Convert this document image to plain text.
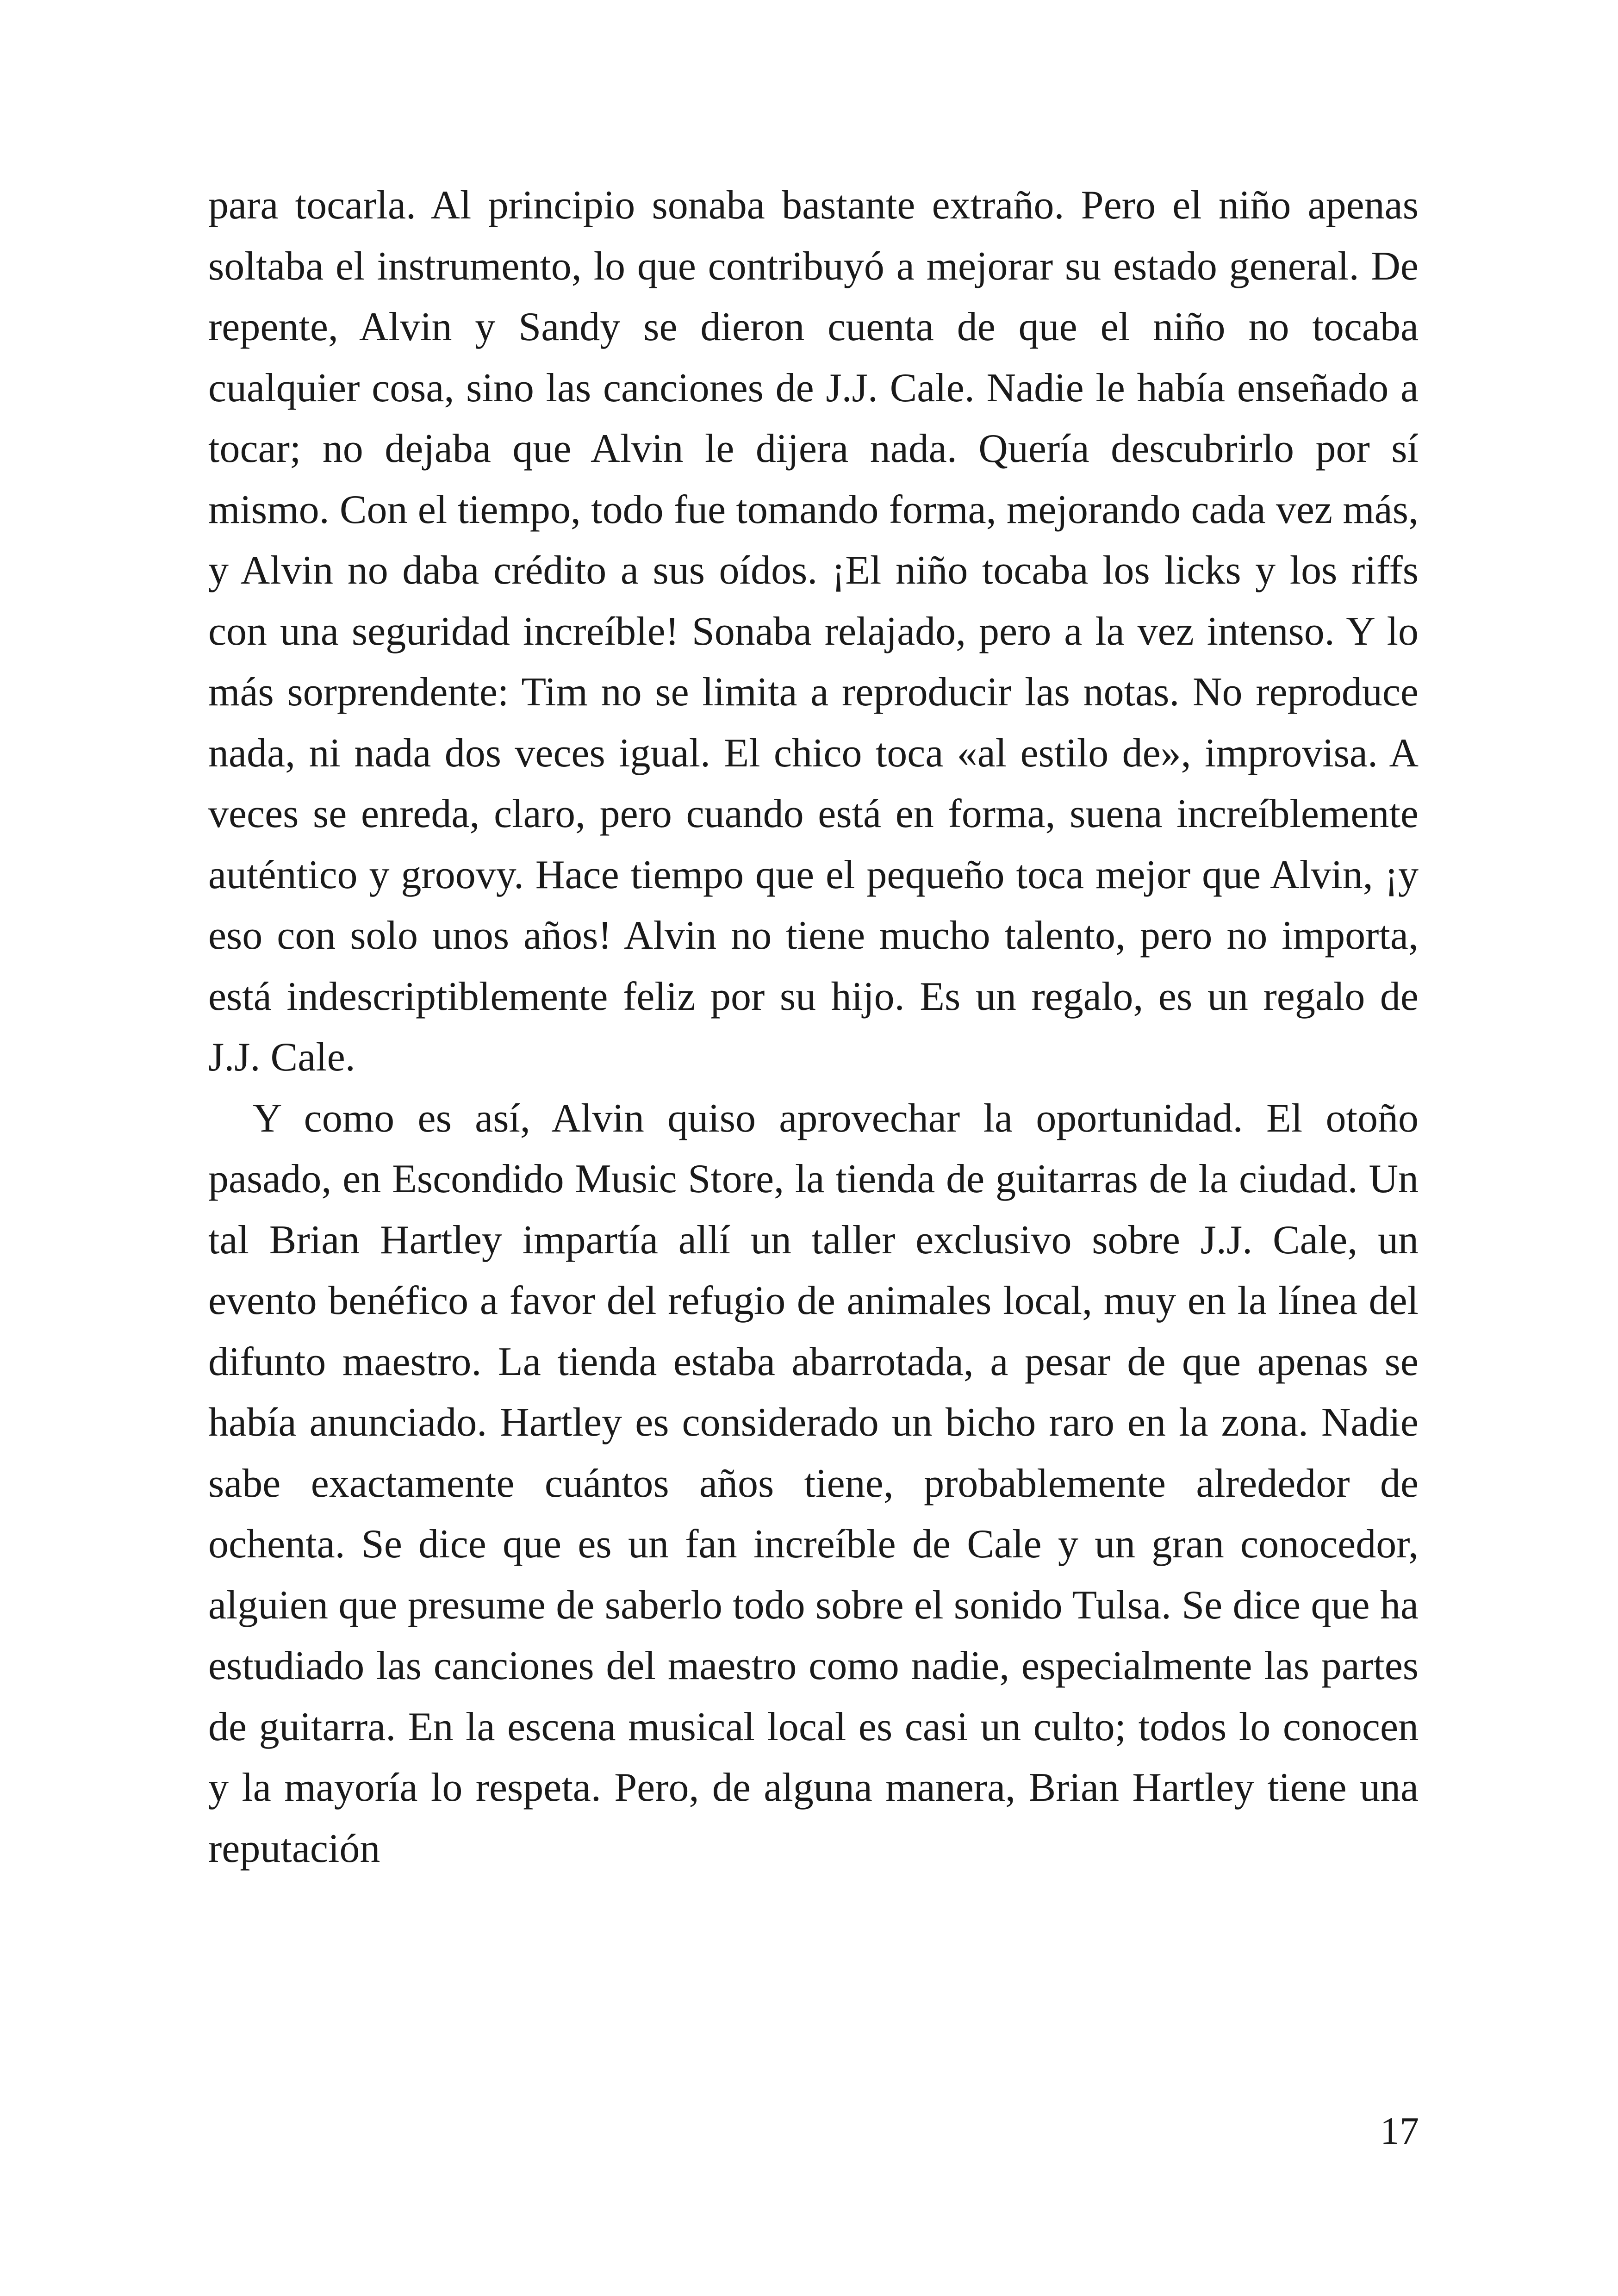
para tocarla. Al principio sonaba bastante extraño. Pero el niño apenas soltaba el instrumento, lo que contribuyó a mejorar su estado general. De repente, Alvin y Sandy se dieron cuenta de que el niño no tocaba cualquier cosa, sino las canciones de J.J. Cale. Nadie le había enseñado a tocar; no dejaba que Alvin le dijera nada. Quería descubrirlo por sí mismo. Con el tiempo, todo fue tomando forma, mejorando cada vez más, y Alvin no daba crédito a sus oídos. ¡El niño tocaba los licks y los riffs con una seguridad increíble! Sonaba relajado, pero a la vez intenso. Y lo más sorprendente: Tim no se limita a reproducir las notas. No reproduce nada, ni nada dos veces igual. El chico toca «al estilo de», improvisa. A veces se enreda, claro, pero cuando está en forma, suena increíblemente auténtico y groovy. Hace tiempo que el pequeño toca mejor que Alvin, ¡y eso con solo unos años! Alvin no tiene mucho talento, pero no importa, está indescriptiblemente feliz por su hijo. Es un regalo, es un regalo de J.J. Cale.

Y como es así, Alvin quiso aprovechar la oportunidad. El otoño pasado, en Escondido Music Store, la tienda de guitarras de la ciudad. Un tal Brian Hartley impartía allí un taller exclusivo sobre J.J. Cale, un evento benéfico a favor del refugio de animales local, muy en la línea del difunto maestro. La tienda estaba abarrotada, a pesar de que apenas se había anunciado. Hartley es considerado un bicho raro en la zona. Nadie sabe exactamente cuántos años tiene, probablemente alrededor de ochenta. Se dice que es un fan increíble de Cale y un gran conocedor, alguien que presume de saberlo todo sobre el sonido Tulsa. Se dice que ha estudiado las canciones del maestro como nadie, especialmente las partes de guitarra. En la escena musical local es casi un culto; todos lo conocen y la mayoría lo respeta. Pero, de alguna manera, Brian Hartley tiene una reputación

17
